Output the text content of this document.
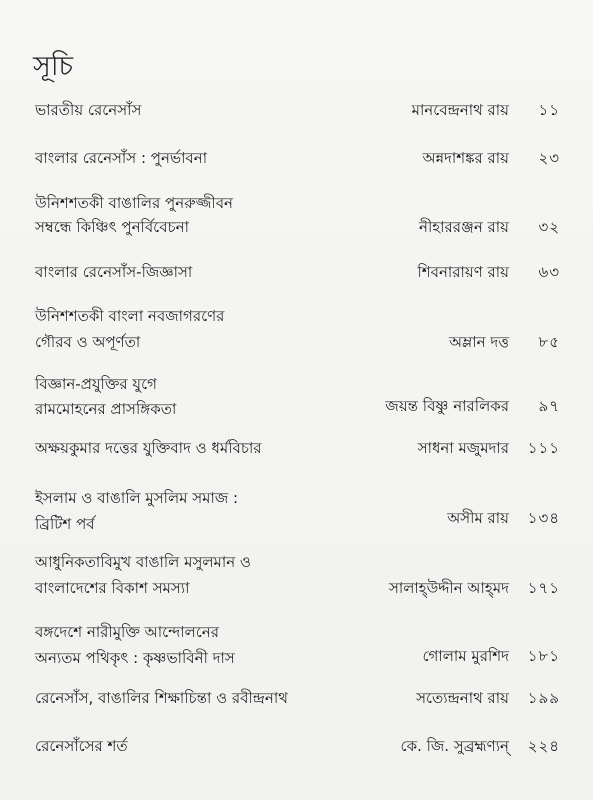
সূচি
ভারতীয় রেনেসাঁস	মানবেন্দ্রনাথ রায় ১১
বাংলার রেনেসাঁস : পুনর্ভাবনা	অন্নদাশঙ্কর রায় ২৩
উনিশশতকী বাঙালির পুনরুজ্জীবন
সম্বন্ধে কিঞ্চিৎ পুনর্বিবেচনা	নীহাররঞ্জন রায় ৩২
বাংলার রেনেসাঁস-জিজ্ঞাসা	শিবনারায়ণ রায় ৬৩
উনিশশতকী বাংলা নবজাগরণের
গৌরব ও অপূর্ণতা	অম্লান দত্ত ৮৫
বিজ্ঞান-প্রযুক্তির যুগে
রামমোহনের প্রাসঙ্গিকতা	জয়ন্ত বিষ্ণু নারলিকর ৯৭
অক্ষয়কুমার দত্তের যুক্তিবাদ ও ধর্মবিচার	সাধনা মজুমদার ১১১
ইসলাম ও বাঙালি মুসলিম সমাজ :
ব্রিটিশ পর্ব	অসীম রায় ১৩৪
আধুনিকতাবিমুখ বাঙালি মসুলমান ও
বাংলাদেশের বিকাশ সমস্যা	সালাহ্উদ্দীন আহ্‌মদ ১৭১
বঙ্গদেশে নারীমুক্তি আন্দোলনের
অন্যতম পথিকৃৎ : কৃষ্ণভাবিনী দাস	গোলাম মুরশিদ ১৮১
রেনেসাঁস, বাঙালির শিক্ষাচিন্তা ও রবীন্দ্রনাথ	সত্যেন্দ্রনাথ রায় ১৯৯
রেনেসাঁসের শর্ত	কে. জি. সুব্রহ্মণ্যন্ ২২৪
